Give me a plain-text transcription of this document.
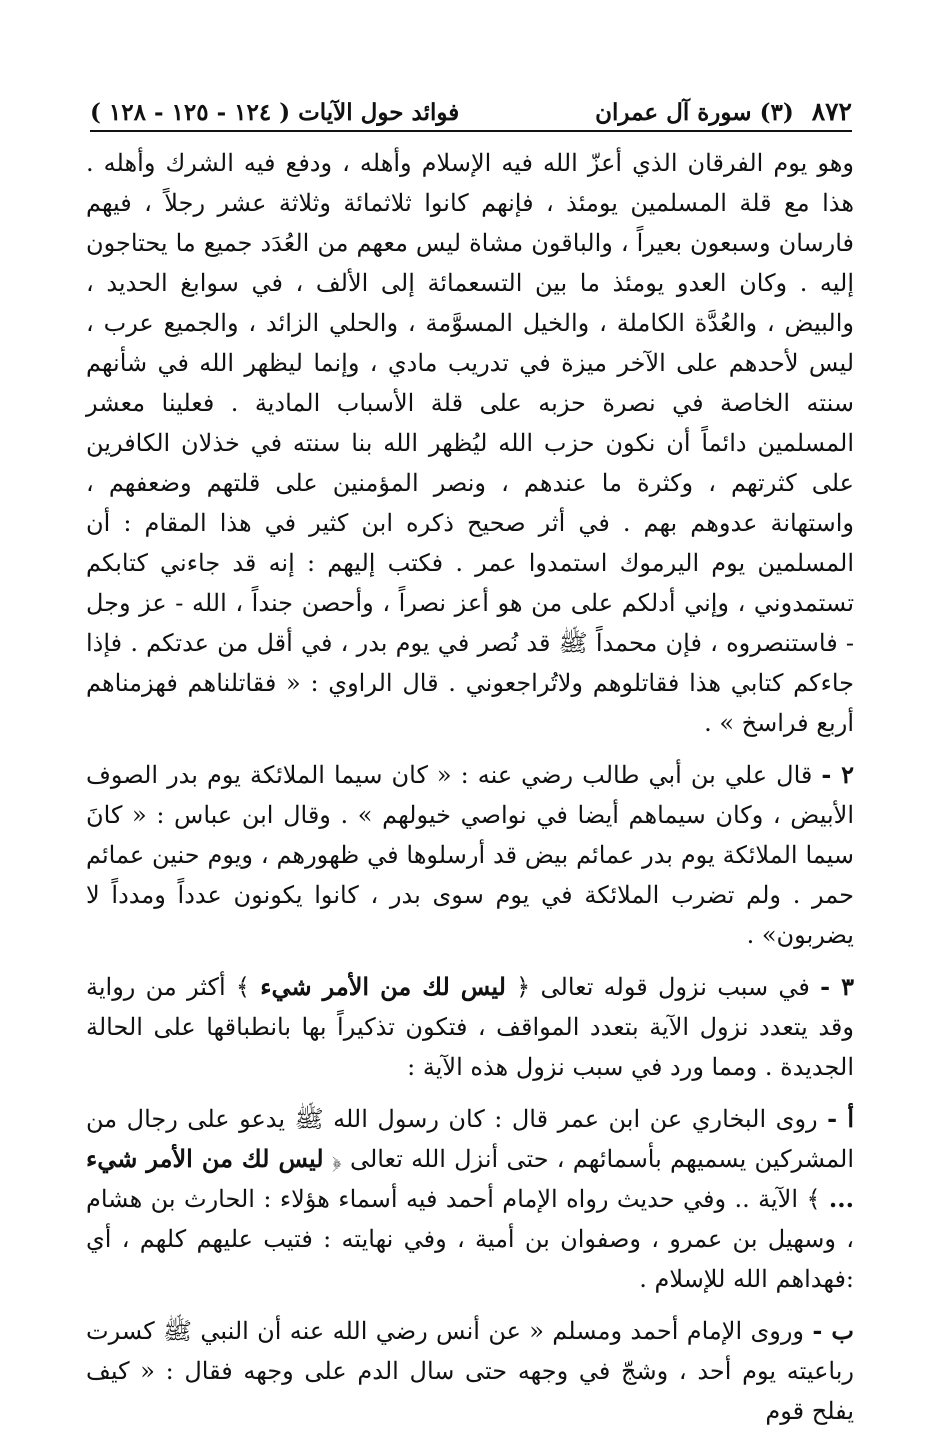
٨٧٢
(٣) سورة آل عمران
فوائد حول الآيات ( ١٢٤ - ١٢٥ - ١٢٨ )

وهو يوم الفرقان الذي أعزّ الله فيه الإسلام وأهله ، ودفع فيه الشرك وأهله . هذا مع قلة المسلمين يومئذ ، فإنهم كانوا ثلاثمائة وثلاثة عشر رجلاً ، فيهم فارسان وسبعون بعيراً ، والباقون مشاة ليس معهم من العُدَد جميع ما يحتاجون إليه . وكان العدو يومئذ ما بين التسعمائة إلى الألف ، في سوابغ الحديد ، والبيض ، والعُدَّة الكاملة ، والخيل المسوَّمة ، والحلي الزائد ، والجميع عرب ، ليس لأحدهم على الآخر ميزة في تدريب مادي ، وإنما ليظهر الله في شأنهم سنته الخاصة في نصرة حزبه على قلة الأسباب المادية . فعلينا معشر المسلمين دائماً أن نكون حزب الله ليُظهر الله بنا سنته في خذلان الكافرين على كثرتهم ، وكثرة ما عندهم ، ونصر المؤمنين على قلتهم وضعفهم ، واستهانة عدوهم بهم . في أثر صحيح ذكره ابن كثير في هذا المقام : أن المسلمين يوم اليرموك استمدوا عمر . فكتب إليهم : إنه قد جاءني كتابكم تستمدوني ، وإني أدلكم على من هو أعز نصراً ، وأحصن جنداً ، الله - عز وجل - فاستنصروه ، فإن محمداً ﷺ قد نُصر في يوم بدر ، في أقل من عدتكم . فإذا جاءكم كتابي هذا فقاتلوهم ولاتُراجعوني . قال الراوي : « فقاتلناهم فهزمناهم أربع فراسخ » .

٢ - قال علي بن أبي طالب رضي عنه : « كان سيما الملائكة يوم بدر الصوف الأبيض ، وكان سيماهم أيضا في نواصي خيولهم » . وقال ابن عباس : « كانَ سيما الملائكة يوم بدر عمائم بيض قد أرسلوها في ظهورهم ، ويوم حنين عمائم حمر . ولم تضرب الملائكة في يوم سوى بدر ، كانوا يكونون عدداً ومدداً لا يضربون» .

٣ - في سبب نزول قوله تعالى ﴿ ليس لك من الأمر شيء ﴾ أكثر من رواية وقد يتعدد نزول الآية بتعدد المواقف ، فتكون تذكيراً بها بانطباقها على الحالة الجديدة . ومما ورد في سبب نزول هذه الآية :

أ - روى البخاري عن ابن عمر قال : كان رسول الله ﷺ يدعو على رجال من المشركين يسميهم بأسمائهم ، حتى أنزل الله تعالى ﴿ ليس لك من الأمر شيء ... ﴾ الآية .. وفي حديث رواه الإمام أحمد فيه أسماء هؤلاء : الحارث بن هشام ، وسهيل بن عمرو ، وصفوان بن أمية ، وفي نهايته : فتيب عليهم كلهم ، أي :فهداهم الله للإسلام .

ب - وروى الإمام أحمد ومسلم « عن أنس رضي الله عنه أن النبي ﷺ كسرت رباعيته يوم أحد ، وشجّ في وجهه حتى سال الدم على وجهه فقال : « كيف يفلح قوم
